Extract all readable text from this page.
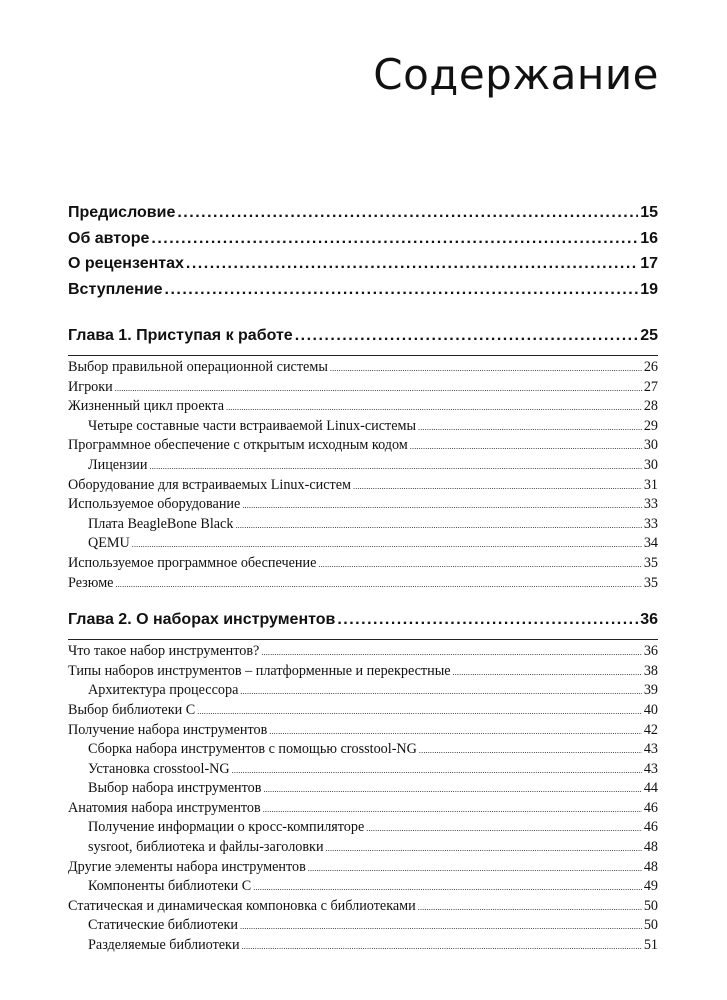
Содержание
Предисловие .....	15
Об авторе .....	16
О рецензентах .....	17
Вступление .....	19
Глава 1. Приступая к работе .....	25
Выбор правильной операционной системы .....	26
Игроки .....	27
Жизненный цикл проекта .....	28
Четыре составные части встраиваемой Linux-системы .....	29
Программное обеспечение с открытым исходным кодом .....	30
Лицензии .....	30
Оборудование для встраиваемых Linux-систем .....	31
Используемое оборудование .....	33
Плата BeagleBone Black .....	33
QEMU .....	34
Используемое программное обеспечение .....	35
Резюме .....	35
Глава 2. О наборах инструментов .....	36
Что такое набор инструментов? .....	36
Типы наборов инструментов – платформенные и перекрестные .....	38
Архитектура процессора .....	39
Выбор библиотеки C .....	40
Получение набора инструментов .....	42
Сборка набора инструментов с помощью crosstool-NG .....	43
Установка crosstool-NG .....	43
Выбор набора инструментов .....	44
Анатомия набора инструментов .....	46
Получение информации о кросс-компиляторе .....	46
sysroot, библиотека и файлы-заголовки .....	48
Другие элементы набора инструментов .....	48
Компоненты библиотеки C .....	49
Статическая и динамическая компоновка с библиотеками .....	50
Статические библиотеки .....	50
Разделяемые библиотеки .....	51
